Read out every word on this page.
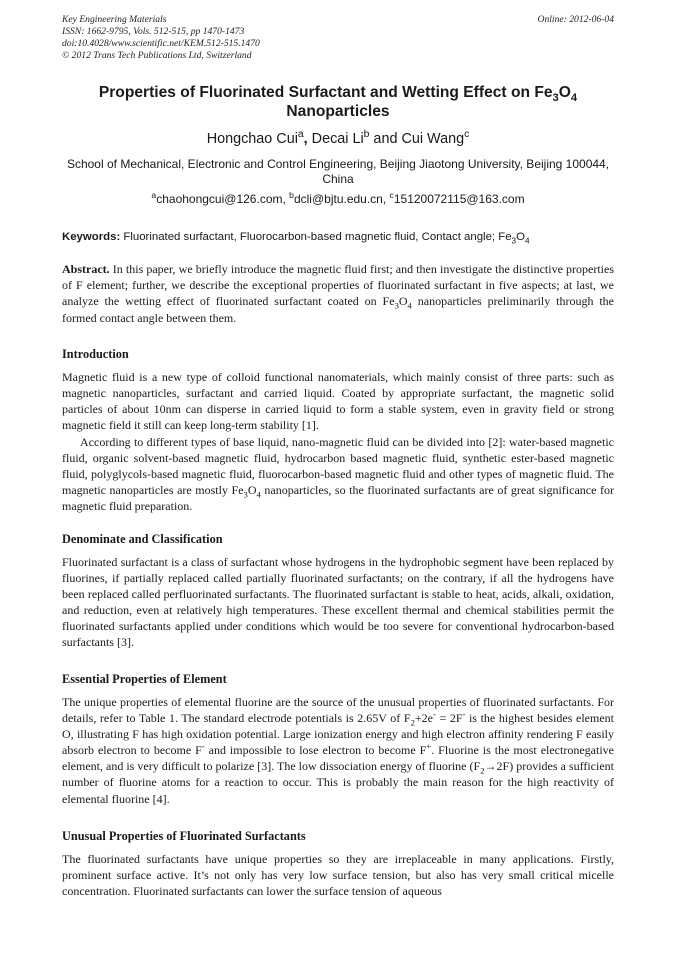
Key Engineering Materials
ISSN: 1662-9795, Vols. 512-515, pp 1470-1473
doi:10.4028/www.scientific.net/KEM.512-515.1470
© 2012 Trans Tech Publications Ltd, Switzerland
Online: 2012-06-04
Properties of Fluorinated Surfactant and Wetting Effect on $Fe_3O_4$ Nanoparticles
Hongchao Cui$^a$, Decai Li$^b$ and Cui Wang$^c$
School of Mechanical, Electronic and Control Engineering, Beijing Jiaotong University, Beijing 100044, China
$^a$chaohongcui@126.com, $^b$dcli@bjtu.edu.cn, $^c$15120072115@163.com
Keywords: Fluorinated surfactant, Fluorocarbon-based magnetic fluid, Contact angle; $Fe_3O_4$
Abstract. In this paper, we briefly introduce the magnetic fluid first; and then investigate the distinctive properties of F element; further, we describe the exceptional properties of fluorinated surfactant in five aspects; at last, we analyze the wetting effect of fluorinated surfactant coated on $Fe_3O_4$ nanoparticles preliminarily through the formed contact angle between them.
Introduction
Magnetic fluid is a new type of colloid functional nanomaterials, which mainly consist of three parts: such as magnetic nanoparticles, surfactant and carried liquid. Coated by appropriate surfactant, the magnetic solid particles of about 10nm can disperse in carried liquid to form a stable system, even in gravity field or strong magnetic field it still can keep long-term stability [1].
According to different types of base liquid, nano-magnetic fluid can be divided into [2]: water-based magnetic fluid, organic solvent-based magnetic fluid, hydrocarbon based magnetic fluid, synthetic ester-based magnetic fluid, polyglycols-based magnetic fluid, fluorocarbon-based magnetic fluid and other types of magnetic fluid. The magnetic nanoparticles are mostly $Fe_3O_4$ nanoparticles, so the fluorinated surfactants are of great significance for magnetic fluid preparation.
Denominate and Classification
Fluorinated surfactant is a class of surfactant whose hydrogens in the hydrophobic segment have been replaced by fluorines, if partially replaced called partially fluorinated surfactants; on the contrary, if all the hydrogens have been replaced called perfluorinated surfactants. The fluorinated surfactant is stable to heat, acids, alkali, oxidation, and reduction, even at relatively high temperatures. These excellent thermal and chemical stabilities permit the fluorinated surfactants applied under conditions which would be too severe for conventional hydrocarbon-based surfactants [3].
Essential Properties of Element
The unique properties of elemental fluorine are the source of the unusual properties of fluorinated surfactants. For details, refer to Table 1. The standard electrode potentials is 2.65V of $F_2+2e^- = 2F^-$ is the highest besides element O, illustrating F has high oxidation potential. Large ionization energy and high electron affinity rendering F easily absorb electron to become F- and impossible to lose electron to become F+. Fluorine is the most electronegative element, and is very difficult to polarize [3]. The low dissociation energy of fluorine $(F_2\to 2F)$ provides a sufficient number of fluorine atoms for a reaction to occur. This is probably the main reason for the high reactivity of elemental fluorine [4].
Unusual Properties of Fluorinated Surfactants
The fluorinated surfactants have unique properties so they are irreplaceable in many applications. Firstly, prominent surface active. It’s not only has very low surface tension, but also has very small critical micelle concentration. Fluorinated surfactants can lower the surface tension of aqueous
